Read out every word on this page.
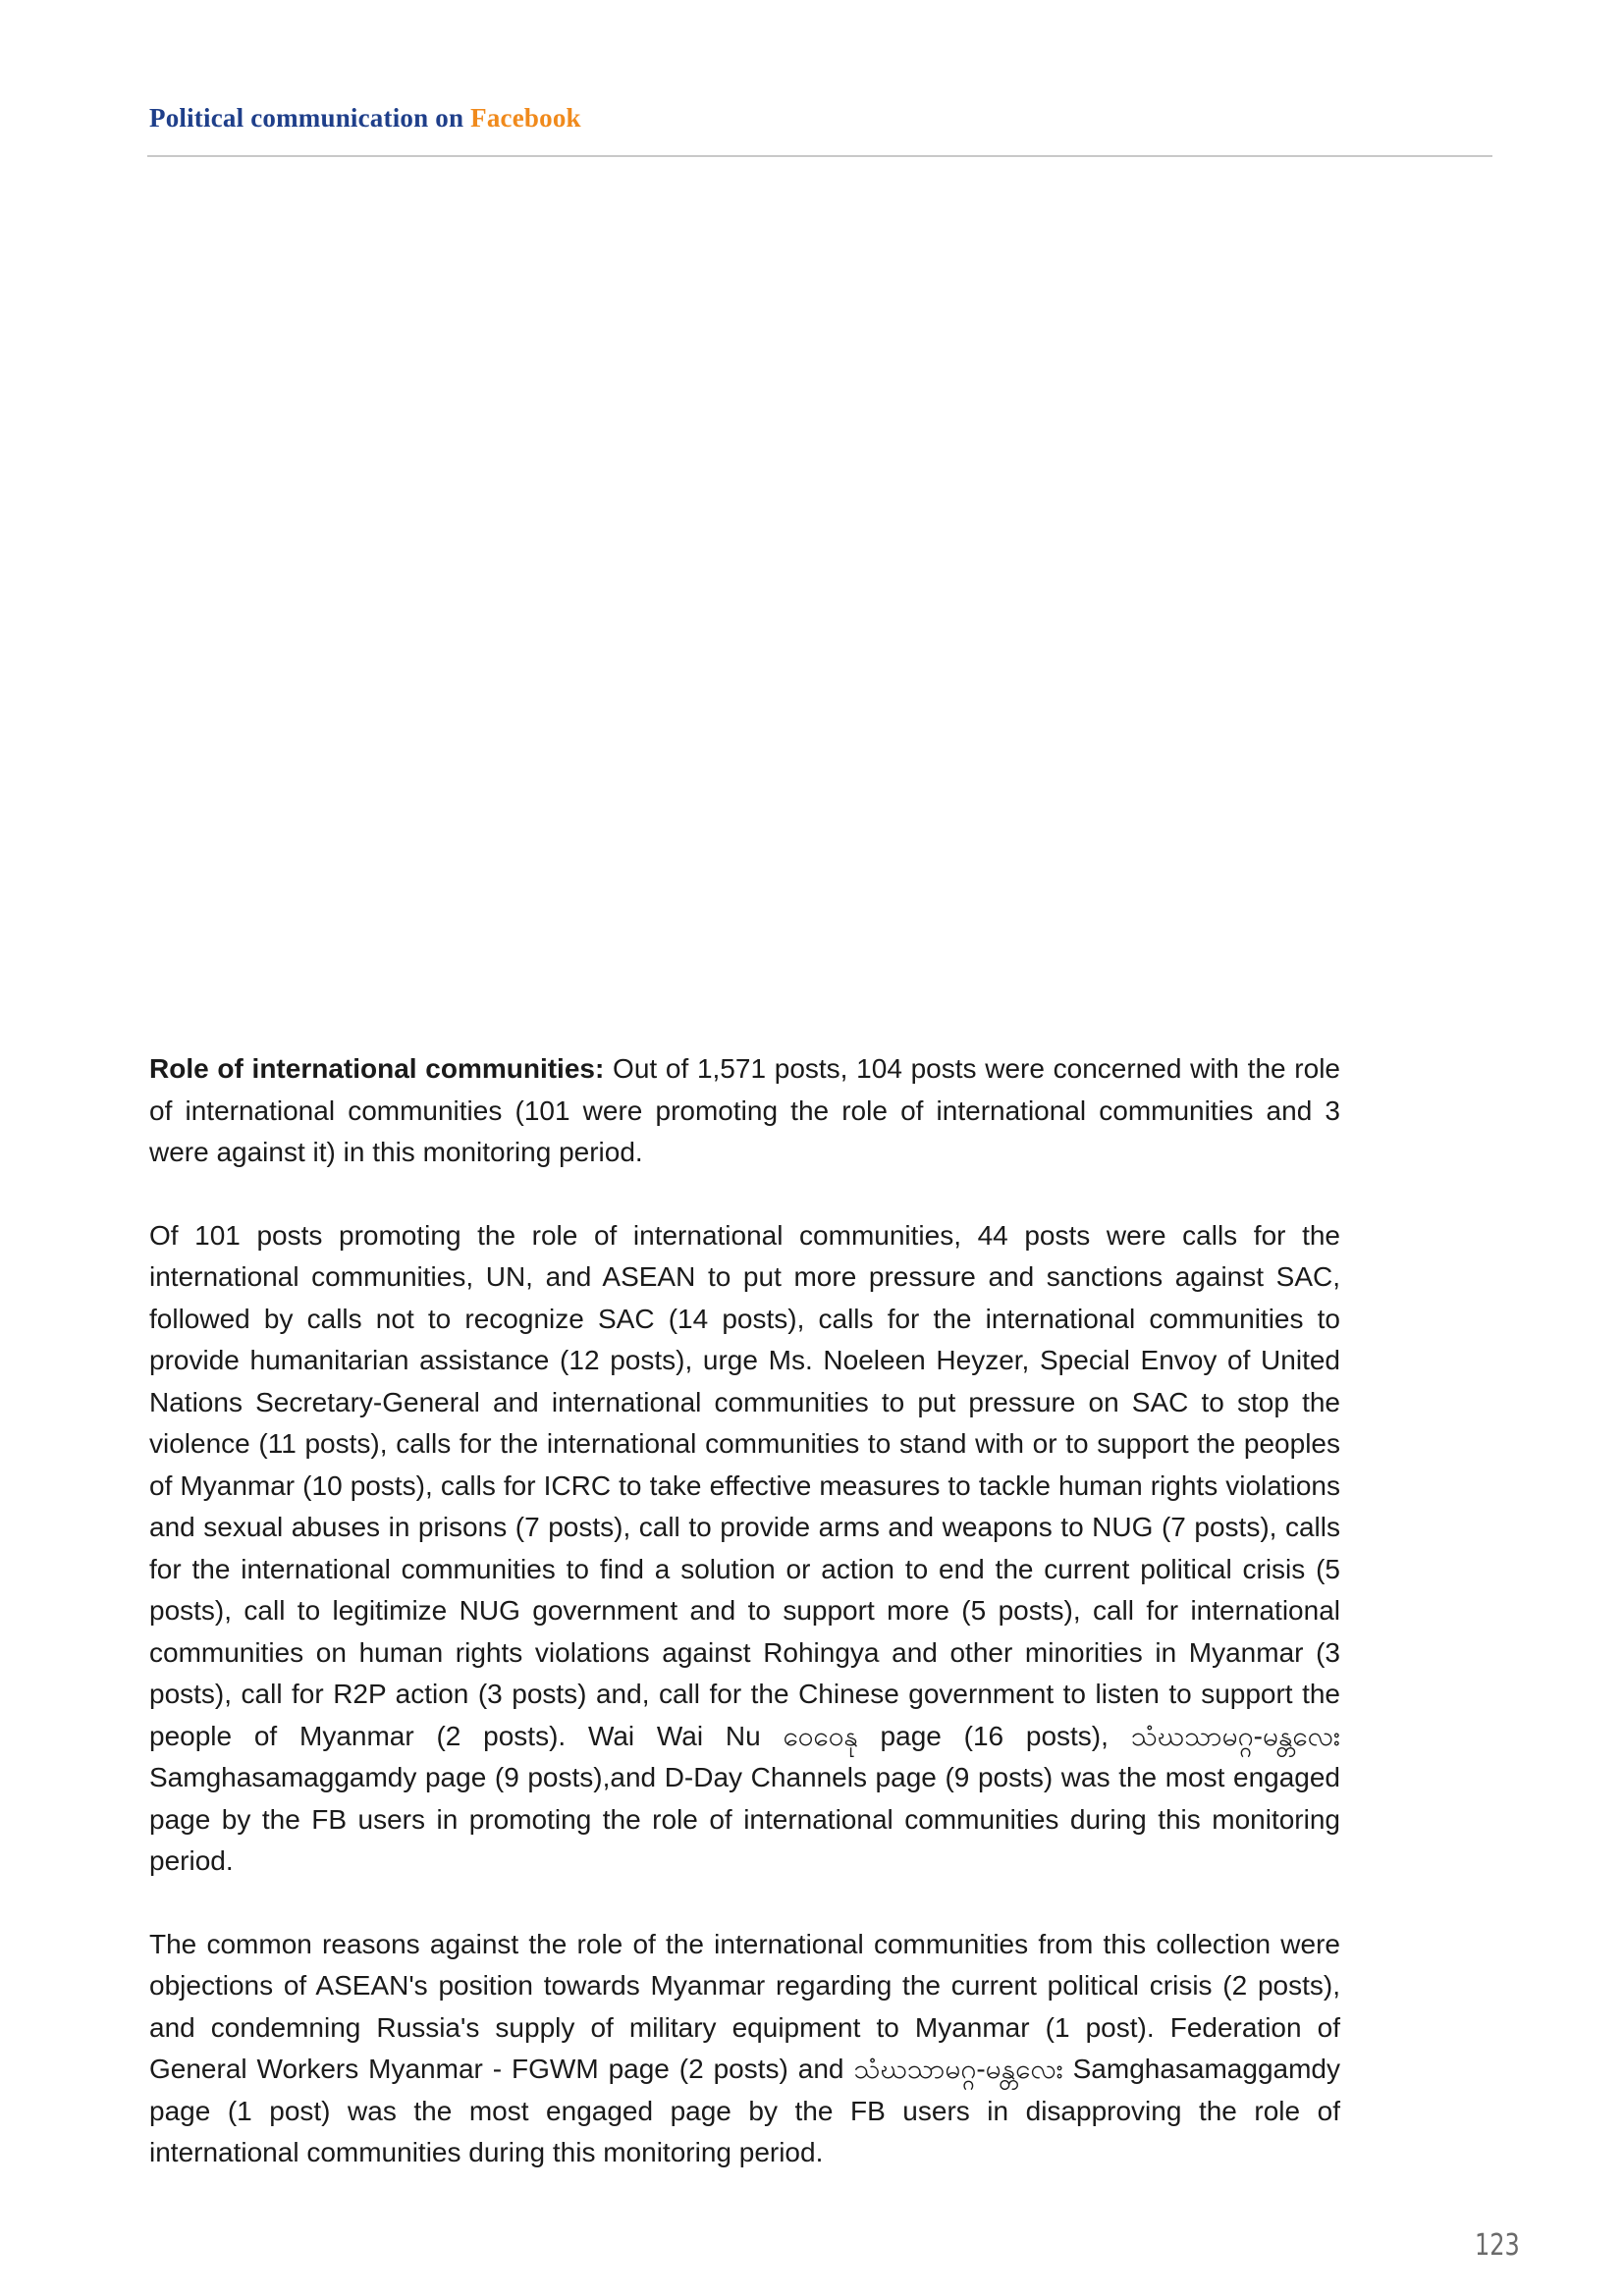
Political communication on Facebook

Role of international communities: Out of 1,571 posts, 104 posts were concerned with the role of international communities (101 were promoting the role of international communities and 3 were against it) in this monitoring period.

Of 101 posts promoting the role of international communities, 44 posts were calls for the international communities, UN, and ASEAN to put more pressure and sanctions against SAC, followed by calls not to recognize SAC (14 posts), calls for the international communities to provide humanitarian assistance (12 posts), urge Ms. Noeleen Heyzer, Special Envoy of United Nations Secretary-General and international communities to put pressure on SAC to stop the violence (11 posts), calls for the international communities to stand with or to support the peoples of Myanmar (10 posts), calls for ICRC to take effective measures to tackle human rights violations and sexual abuses in prisons (7 posts), call to provide arms and weapons to NUG (7 posts), calls for the international communities to find a solution or action to end the current political crisis (5 posts), call to legitimize NUG government and to support more (5 posts), call for international communities on human rights violations against Rohingya and other minorities in Myanmar (3 posts), call for R2P action (3 posts) and, call for the Chinese government to listen to support the people of Myanmar (2 posts). Wai Wai Nu ဝေဝေနု page (16 posts), သံဃသာမဂ္ဂ-မန္တလေး Samghasamaggamdy page (9 posts),and D-Day Channels page (9 posts) was the most engaged page by the FB users in promoting the role of international communities during this monitoring period.

The common reasons against the role of the international communities from this collection were objections of ASEAN's position towards Myanmar regarding the current political crisis (2 posts), and condemning Russia's supply of military equipment to Myanmar (1 post). Federation of General Workers Myanmar - FGWM page (2 posts) and သံဃသာမဂ္ဂ-မန္တလေး Samghasamaggamdy page (1 post) was the most engaged page by the FB users in disapproving the role of international communities during this monitoring period.

123
